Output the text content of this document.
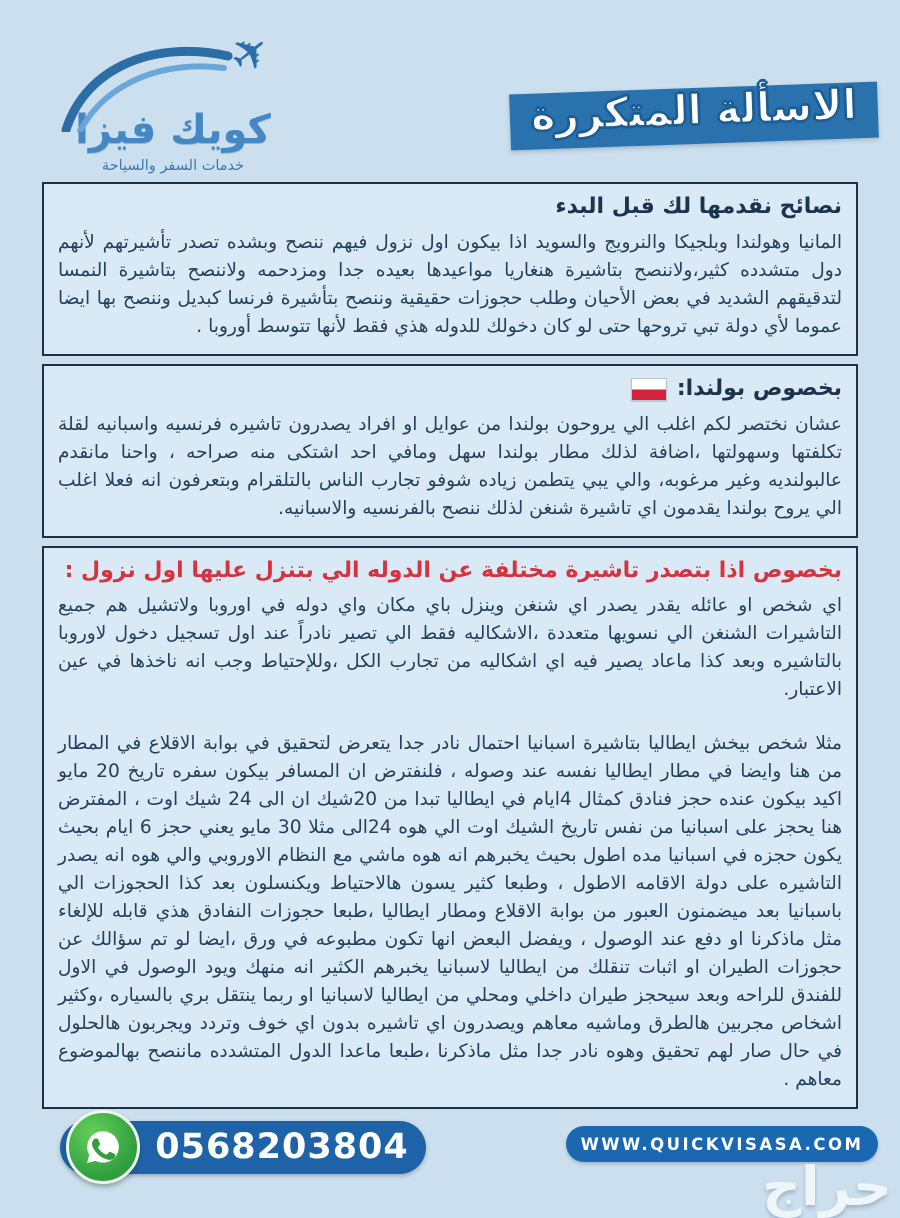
✈
كويك فيزا
خدمات السفر والسياحة
الاسألة المتكررة
نصائح نقدمها لك قبل البدء
المانيا وهولندا وبلجيكا والنرويج والسويد اذا بيكون اول نزول فيهم ننصح وبشده تصدر تأشيرتهم لأنهم دول متشدده كثير،ولاننصح بتاشيرة هنغاريا مواعيدها بعيده جدا ومزدحمه ولاننصح بتاشيرة النمسا لتدقيقهم الشديد في بعض الأحيان وطلب حجوزات حقيقية وننصح بتأشيرة فرنسا كبديل وننصح بها ايضا عموما لأي دولة تبي تروحها حتى لو كان دخولك للدوله هذي فقط لأنها تتوسط أوروبا .
بخصوص بولندا:
عشان نختصر لكم اغلب الي يروحون بولندا من عوايل او افراد يصدرون تاشيره فرنسيه واسبانيه لقلة تكلفتها وسهولتها ،اضافة لذلك مطار بولندا سهل ومافي احد اشتكى منه صراحه ، واحنا مانقدم عالبولنديه وغير مرغوبه، والي يبي يتطمن زياده شوفو تجارب الناس بالتلقرام وبتعرفون انه فعلا اغلب الي يروح بولندا يقدمون اي تاشيرة شنغن لذلك ننصح بالفرنسيه والاسبانيه.
بخصوص اذا بتصدر تاشيرة مختلفة عن الدوله الي بتنزل عليها اول نزول :
اي شخص او عائله يقدر يصدر اي شنغن وينزل باي مكان واي دوله في اوروبا ولاتشيل هم جميع التاشيرات الشنغن الي نسويها متعددة ،الاشكاليه فقط الي تصير نادراً عند اول تسجيل دخول لاوروبا بالتاشيره وبعد كذا ماعاد يصير فيه اي اشكاليه من تجارب الكل ،وللإحتياط وجب انه ناخذها في عين الاعتبار.
مثلا شخص بيخش ايطاليا بتاشيرة اسبانيا احتمال نادر جدا يتعرض لتحقيق في بوابة الاقلاع في المطار من هنا وايضا في مطار ايطاليا نفسه عند وصوله ، فلنفترض ان المسافر بيكون سفره تاريخ 20 مايو اكيد بيكون عنده حجز فنادق كمثال 4ايام في ايطاليا تبدا من 20شيك ان الى 24 شيك اوت ، المفترض هنا يحجز على اسبانيا من نفس تاريخ الشيك اوت الي هوه 24الى مثلا 30 مايو يعني حجز 6 ايام بحيث يكون حجزه في اسبانيا مده اطول بحيث يخبرهم انه هوه ماشي مع النظام الاوروبي والي هوه انه يصدر التاشيره على دولة الاقامه الاطول ، وطبعا كثير يسون هالاحتياط ويكنسلون بعد كذا الحجوزات الي باسبانيا بعد ميضمنون العبور من بوابة الاقلاع ومطار ايطاليا ،طبعا حجوزات النفادق هذي قابله للإلغاء مثل ماذكرنا او دفع عند الوصول ، ويفضل البعض انها تكون مطبوعه في ورق ،ايضا لو تم سؤالك عن حجوزات الطيران او اثبات تنقلك من ايطاليا لاسبانيا يخبرهم الكثير انه منهك ويود الوصول في الاول للفندق للراحه وبعد سيحجز طيران داخلي ومحلي من ايطاليا لاسبانيا او ربما ينتقل بري بالسياره ،وكثير اشخاص مجربين هالطرق وماشيه معاهم ويصدرون اي تاشيره بدون اي خوف وتردد ويجربون هالحلول في حال صار لهم تحقيق وهوه نادر جدا مثل ماذكرنا ،طبعا ماعدا الدول المتشدده ماننصح بهالموضوع معاهم .
0568203804	WWW.QUICKVISASA.COM
حراج
